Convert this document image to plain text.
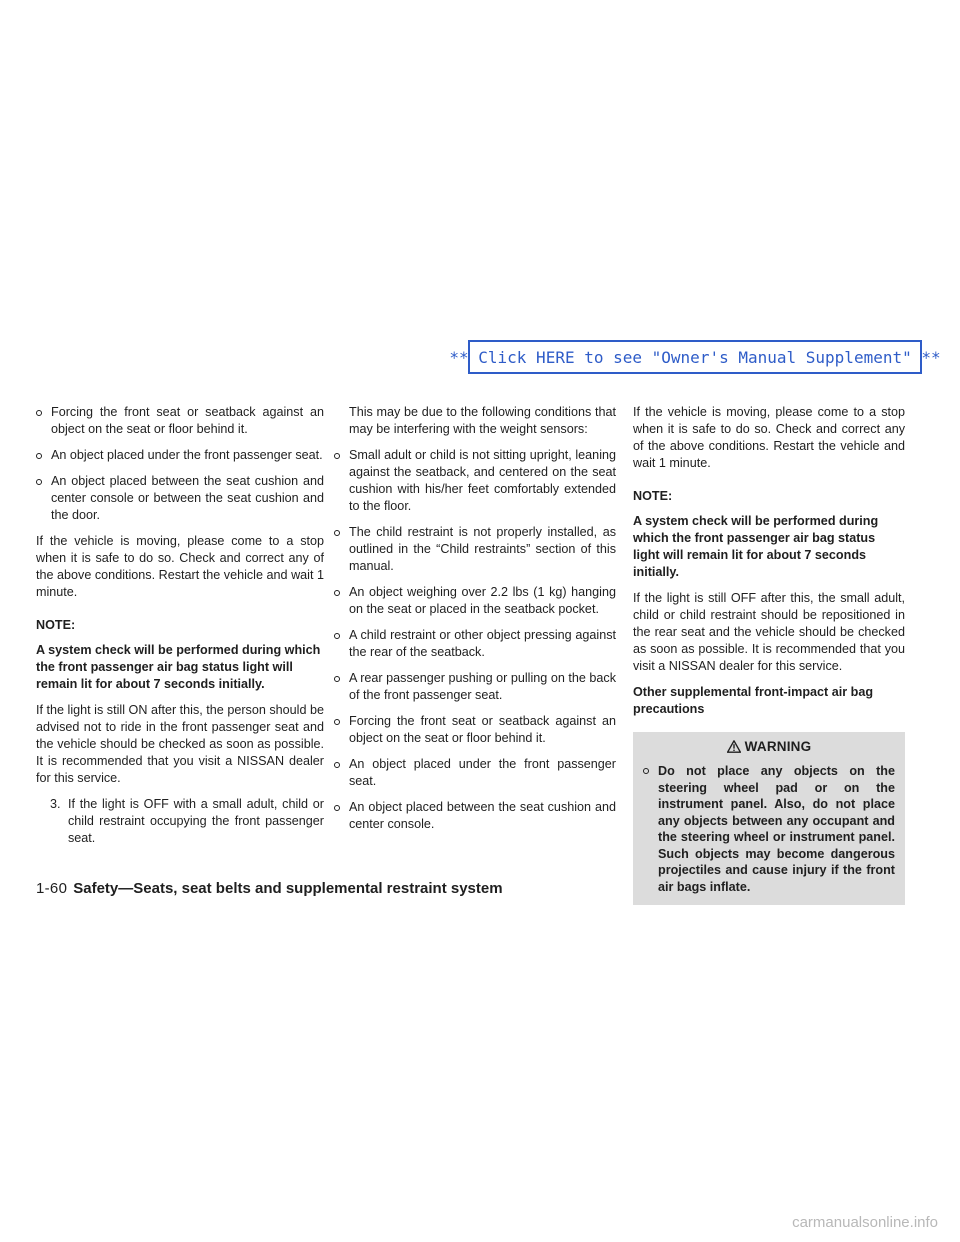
** Click HERE to see "Owner's Manual Supplement" **
Forcing the front seat or seatback against an object on the seat or floor behind it.
An object placed under the front passenger seat.
An object placed between the seat cushion and center console or between the seat cushion and the door.

If the vehicle is moving, please come to a stop when it is safe to do so. Check and correct any of the above conditions. Restart the vehicle and wait 1 minute.

NOTE:

A system check will be performed during which the front passenger air bag status light will remain lit for about 7 seconds initially.

If the light is still ON after this, the person should be advised not to ride in the front passenger seat and the vehicle should be checked as soon as possible. It is recommended that you visit a NISSAN dealer for this service.

3. If the light is OFF with a small adult, child or child restraint occupying the front passenger seat.

This may be due to the following conditions that may be interfering with the weight sensors:

Small adult or child is not sitting upright, leaning against the seatback, and centered on the seat cushion with his/her feet comfortably extended to the floor.
The child restraint is not properly installed, as outlined in the “Child restraints” section of this manual.
An object weighing over 2.2 lbs (1 kg) hanging on the seat or placed in the seatback pocket.
A child restraint or other object pressing against the rear of the seatback.
A rear passenger pushing or pulling on the back of the front passenger seat.
Forcing the front seat or seatback against an object on the seat or floor behind it.
An object placed under the front passenger seat.
An object placed between the seat cushion and center console.

If the vehicle is moving, please come to a stop when it is safe to do so. Check and correct any of the above conditions. Restart the vehicle and wait 1 minute.

NOTE:

A system check will be performed during which the front passenger air bag status light will remain lit for about 7 seconds initially.

If the light is still OFF after this, the small adult, child or child restraint should be repositioned in the rear seat and the vehicle should be checked as soon as possible. It is recommended that you visit a NISSAN dealer for this service.

Other supplemental front-impact air bag precautions
WARNING
Do not place any objects on the steering wheel pad or on the instrument panel. Also, do not place any objects between any occupant and the steering wheel or instrument panel. Such objects may become dangerous projectiles and cause injury if the front air bags inflate.
1-60 Safety—Seats, seat belts and supplemental restraint system
carmanualsonline.info
